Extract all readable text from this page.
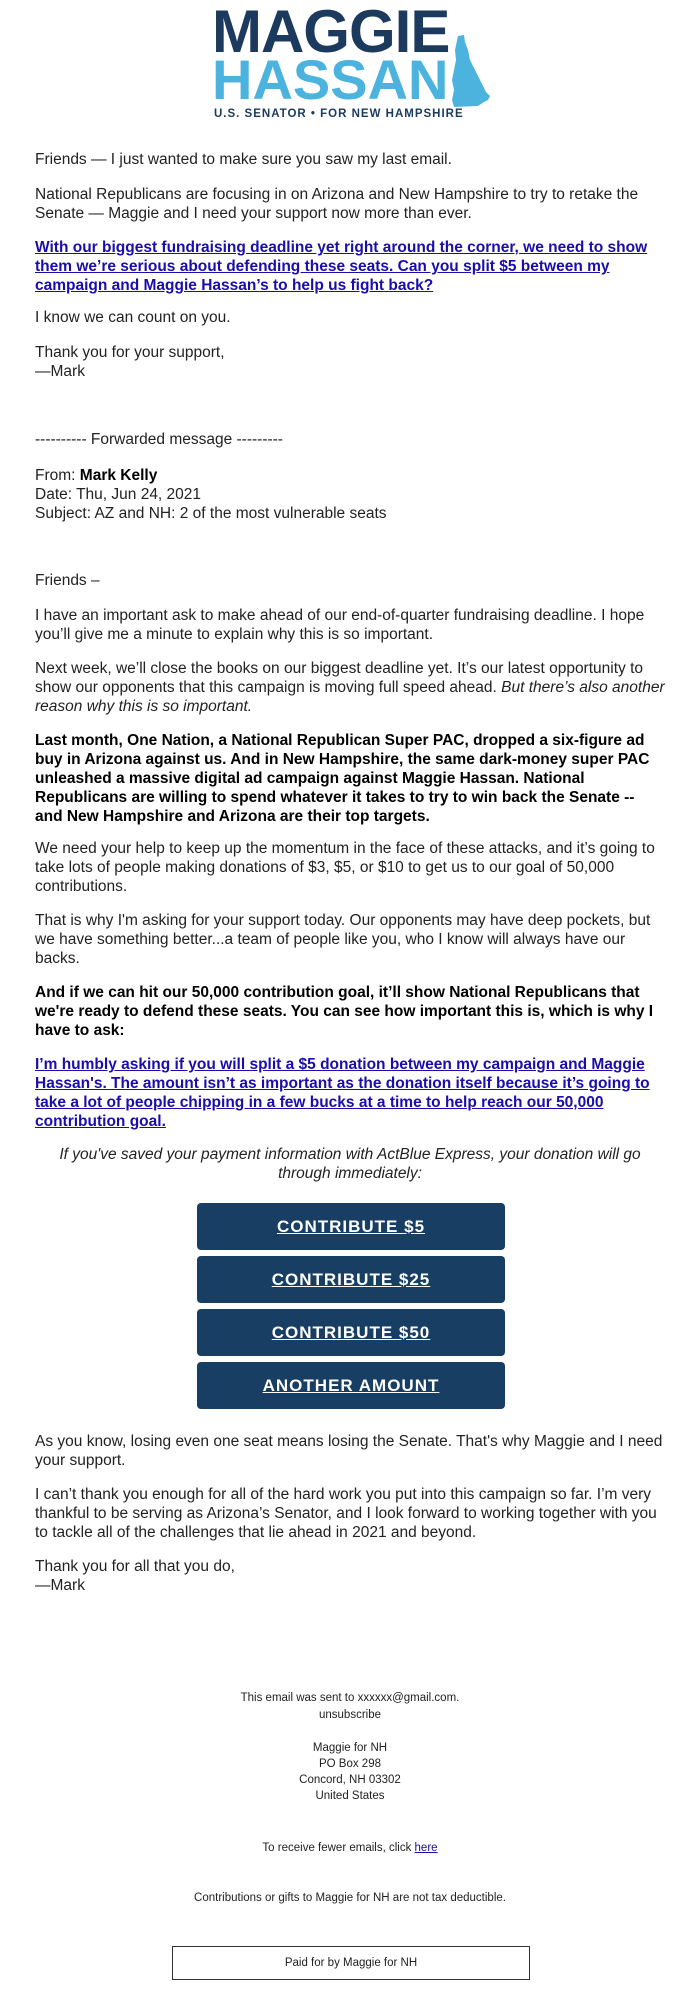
MAGGIE
HASSAN
U.S. SENATOR • FOR NEW HAMPSHIRE
Friends — I just wanted to make sure you saw my last email.
National Republicans are focusing in on Arizona and New Hampshire to try to retake the Senate — Maggie and I need your support now more than ever.
With our biggest fundraising deadline yet right around the corner, we need to show them we’re serious about defending these seats. Can you split $5 between my campaign and Maggie Hassan’s to help us fight back?
I know we can count on you.
Thank you for your support,
—Mark
---------- Forwarded message ---------
From: Mark Kelly
Date: Thu, Jun 24, 2021
Subject: AZ and NH: 2 of the most vulnerable seats
Friends –
I have an important ask to make ahead of our end-of-quarter fundraising deadline. I hope you’ll give me a minute to explain why this is so important.
Next week, we’ll close the books on our biggest deadline yet. It’s our latest opportunity to show our opponents that this campaign is moving full speed ahead. But there’s also another reason why this is so important.
Last month, One Nation, a National Republican Super PAC, dropped a six-figure ad buy in Arizona against us. And in New Hampshire, the same dark-money super PAC unleashed a massive digital ad campaign against Maggie Hassan. National Republicans are willing to spend whatever it takes to try to win back the Senate -- and New Hampshire and Arizona are their top targets.
We need your help to keep up the momentum in the face of these attacks, and it’s going to take lots of people making donations of $3, $5, or $10 to get us to our goal of 50,000 contributions.
That is why I'm asking for your support today. Our opponents may have deep pockets, but we have something better...a team of people like you, who I know will always have our backs.
And if we can hit our 50,000 contribution goal, it’ll show National Republicans that we're ready to defend these seats. You can see how important this is, which is why I have to ask:
I’m humbly asking if you will split a $5 donation between my campaign and Maggie Hassan's. The amount isn’t as important as the donation itself because it’s going to take a lot of people chipping in a few bucks at a time to help reach our 50,000 contribution goal.
If you've saved your payment information with ActBlue Express, your donation will go through immediately:
CONTRIBUTE $5
CONTRIBUTE $25
CONTRIBUTE $50
ANOTHER AMOUNT
As you know, losing even one seat means losing the Senate. That's why Maggie and I need your support.
I can’t thank you enough for all of the hard work you put into this campaign so far. I’m very thankful to be serving as Arizona’s Senator, and I look forward to working together with you to tackle all of the challenges that lie ahead in 2021 and beyond.
Thank you for all that you do,
—Mark
This email was sent to xxxxxx@gmail.com.
unsubscribe
Maggie for NH
PO Box 298
Concord, NH 03302
United States
To receive fewer emails, click here
Contributions or gifts to Maggie for NH are not tax deductible.
Paid for by Maggie for NH
